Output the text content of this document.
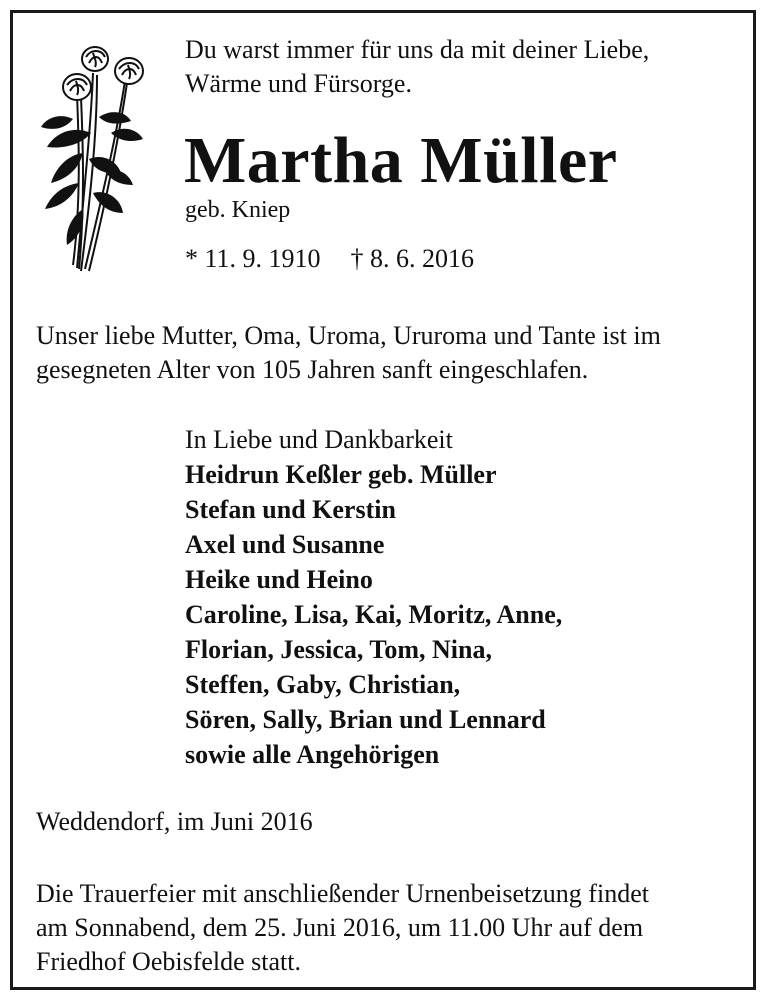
Du warst immer für uns da mit deiner Liebe,
Wärme und Fürsorge.
Martha Müller
geb. Kniep
* 11. 9. 1910 † 8. 6. 2016
Unser liebe Mutter, Oma, Uroma, Ururoma und Tante ist im
gesegneten Alter von 105 Jahren sanft eingeschlafen.
In Liebe und Dankbarkeit
Heidrun Keßler geb. Müller
Stefan und Kerstin
Axel und Susanne
Heike und Heino
Caroline, Lisa, Kai, Moritz, Anne,
Florian, Jessica, Tom, Nina,
Steffen, Gaby, Christian,
Sören, Sally, Brian und Lennard
sowie alle Angehörigen
Weddendorf, im Juni 2016
Die Trauerfeier mit anschließender Urnenbeisetzung findet
am Sonnabend, dem 25. Juni 2016, um 11.00 Uhr auf dem
Friedhof Oebisfelde statt.
